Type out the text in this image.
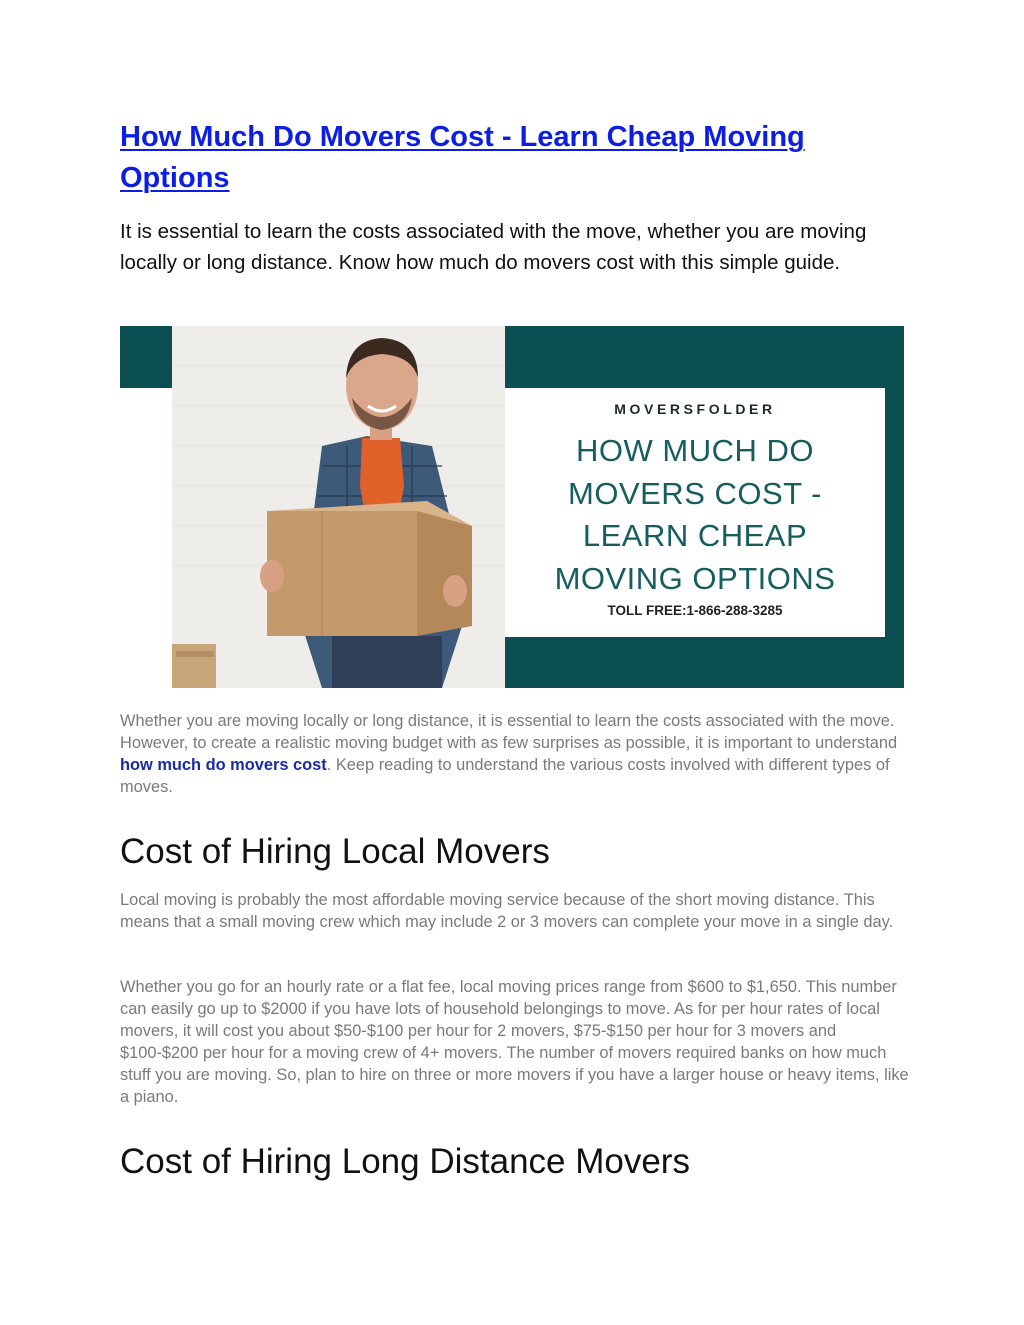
How Much Do Movers Cost - Learn Cheap Moving Options

It is essential to learn the costs associated with the move, whether you are moving locally or long distance. Know how much do movers cost with this simple guide.

MOVERSFOLDER

HOW MUCH DO MOVERS COST - LEARN CHEAP MOVING OPTIONS

TOLL FREE:1-866-288-3285

Whether you are moving locally or long distance, it is essential to learn the costs associated with the move. However, to create a realistic moving budget with as few surprises as possible, it is important to understand how much do movers cost. Keep reading to understand the various costs involved with different types of moves.

Cost of Hiring Local Movers

Local moving is probably the most affordable moving service because of the short moving distance. This means that a small moving crew which may include 2 or 3 movers can complete your move in a single day.

Whether you go for an hourly rate or a flat fee, local moving prices range from $600 to $1,650. This number can easily go up to $2000 if you have lots of household belongings to move. As for per hour rates of local movers, it will cost you about $50-$100 per hour for 2 movers, $75-$150 per hour for 3 movers and $100-$200 per hour for a moving crew of 4+ movers. The number of movers required banks on how much stuff you are moving. So, plan to hire on three or more movers if you have a larger house or heavy items, like a piano.

Cost of Hiring Long Distance Movers
